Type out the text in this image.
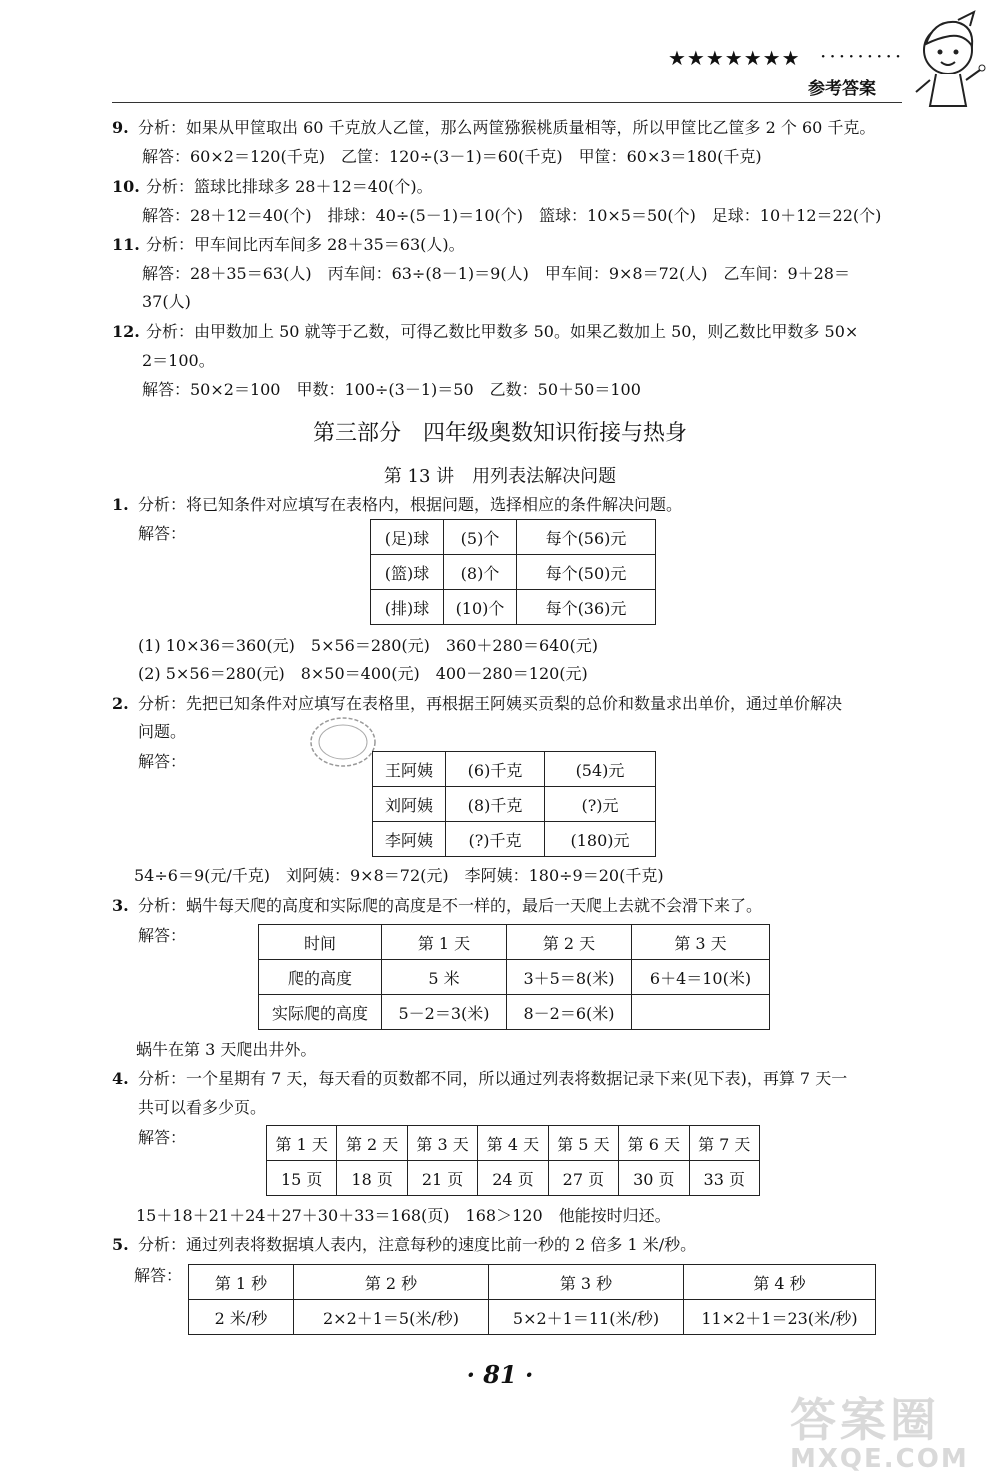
★★★★★★★ ·········
参考答案
9. 分析：如果从甲筐取出 60 千克放人乙筐，那么两筐猕猴桃质量相等，所以甲筐比乙筐多 2 个 60 千克。
解答：60×2＝120(千克)　乙筐：120÷(3－1)＝60(千克)　甲筐：60×3＝180(千克)
10. 分析：篮球比排球多 28＋12＝40(个)。
解答：28＋12＝40(个)　排球：40÷(5－1)＝10(个)　篮球：10×5＝50(个)　足球：10＋12＝22(个)
11. 分析：甲车间比丙车间多 28＋35＝63(人)。
解答：28＋35＝63(人)　丙车间：63÷(8－1)＝9(人)　甲车间：9×8＝72(人)　乙车间：9＋28＝
37(人)
12. 分析：由甲数加上 50 就等于乙数，可得乙数比甲数多 50。如果乙数加上 50，则乙数比甲数多 50×
2＝100。
解答：50×2＝100　甲数：100÷(3－1)＝50　乙数：50＋50＝100
第三部分　四年级奥数知识衔接与热身
第 13 讲　用列表法解决问题
1. 分析：将已知条件对应填写在表格内，根据问题，选择相应的条件解决问题。
解答：	(足)球	(5)个	每个(56)元
(篮)球	(8)个	每个(50)元
(排)球	(10)个	每个(36)元
(1) 10×36＝360(元)　5×56＝280(元)　360＋280＝640(元)
(2) 5×56＝280(元)　8×50＝400(元)　400－280＝120(元)
2. 分析：先把已知条件对应填写在表格里，再根据王阿姨买贡梨的总价和数量求出单价，通过单价解决
问题。
解答：	王阿姨	(6)千克	(54)元
刘阿姨	(8)千克	(?)元
李阿姨	(?)千克	(180)元
54÷6＝9(元/千克)　刘阿姨：9×8＝72(元)　李阿姨：180÷9＝20(千克)
3. 分析：蜗牛每天爬的高度和实际爬的高度是不一样的，最后一天爬上去就不会滑下来了。
解答：	时间	第 1 天	第 2 天	第 3 天
爬的高度	5 米	3＋5＝8(米)	6＋4＝10(米)
实际爬的高度	5－2＝3(米)	8－2＝6(米)	
蜗牛在第 3 天爬出井外。
4. 分析：一个星期有 7 天，每天看的页数都不同，所以通过列表将数据记录下来(见下表)，再算 7 天一
共可以看多少页。
解答：	第 1 天	第 2 天	第 3 天	第 4 天	第 5 天	第 6 天	第 7 天
15 页	18 页	21 页	24 页	27 页	30 页	33 页
15＋18＋21＋24＋27＋30＋33＝168(页)　168＞120　他能按时归还。
5. 分析：通过列表将数据填人表内，注意每秒的速度比前一秒的 2 倍多 1 米/秒。
解答： 第 1 秒	第 2 秒	第 3 秒	第 4 秒
2 米/秒	2×2＋1＝5(米/秒)	5×2＋1＝11(米/秒)	11×2＋1＝23(米/秒)
· 81 ·
答案圈
MXQE.COM
